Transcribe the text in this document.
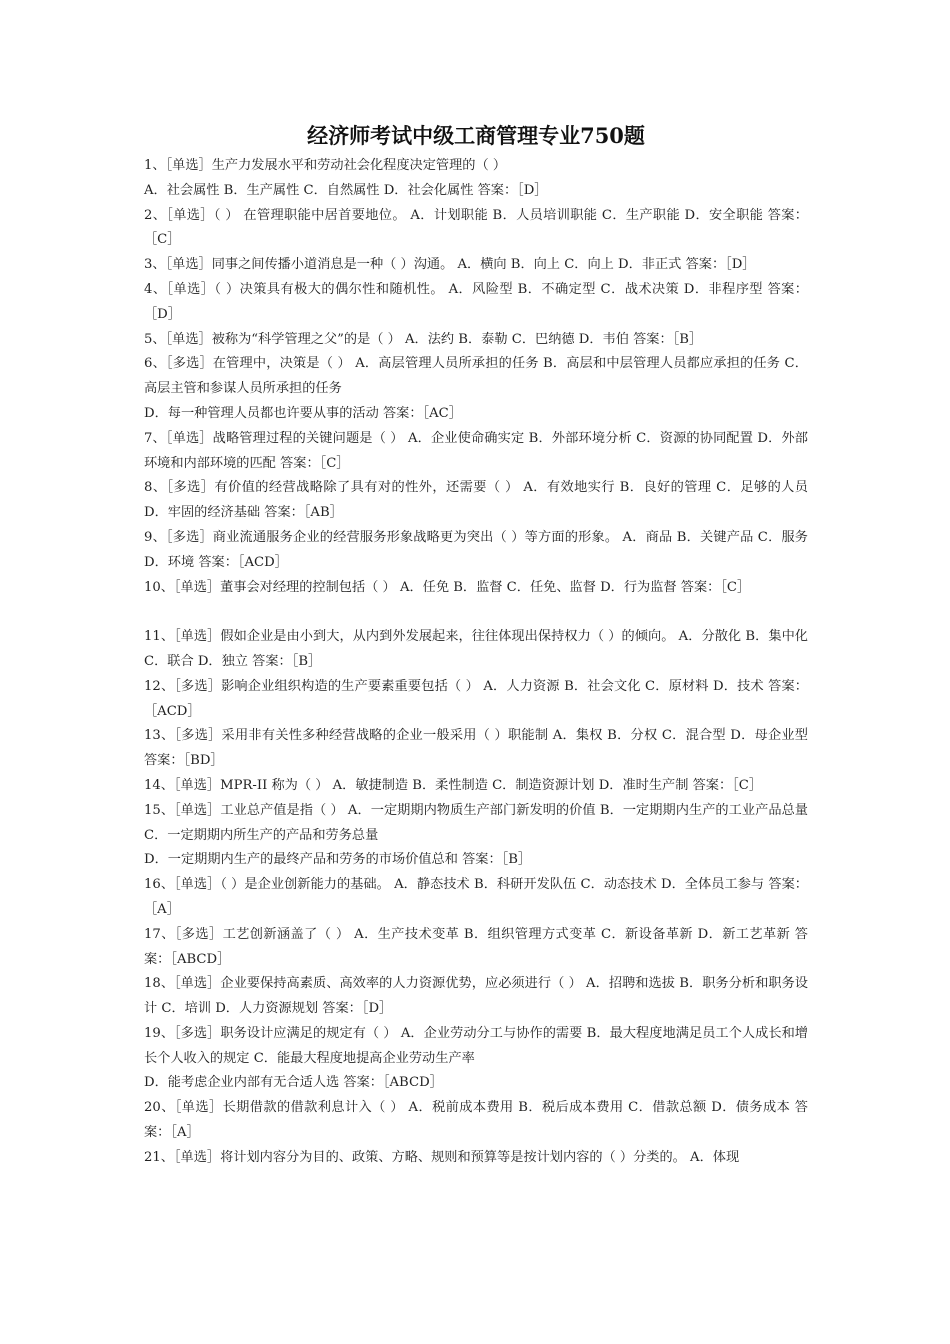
经济师考试中级工商管理专业750题

1、［单选］生产力发展水平和劳动社会化程度决定管理的（ ）

A．社会属性 B．生产属性 C．自然属性 D．社会化属性 答案：［D］

2、［单选］（ ） 在管理职能中居首要地位。 A．计划职能 B．人员培训职能 C．生产职能 D．安全职能 答案：［C］

3、［单选］同事之间传播小道消息是一种（ ）沟通。 A．横向 B．向上 C．向上 D．非正式 答案：［D］

4、［单选］（ ）决策具有极大的偶尔性和随机性。 A．风险型 B．不确定型 C．战术决策 D．非程序型 答案：［D］

5、［单选］被称为“科学管理之父”的是（ ） A．法约 B．泰勒 C．巴纳德 D．韦伯 答案：［B］

6、［多选］在管理中，决策是（ ） A．高层管理人员所承担的任务 B．高层和中层管理人员都应承担的任务 C．高层主管和参谋人员所承担的任务

D．每一种管理人员都也许要从事的活动 答案：［AC］

7、［单选］战略管理过程的关键问题是（ ） A．企业使命确实定 B．外部环境分析 C．资源的协同配置 D．外部环境和内部环境的匹配 答案：［C］

8、［多选］有价值的经营战略除了具有对的性外，还需要（ ） A．有效地实行 B．良好的管理 C．足够的人员 D．牢固的经济基础 答案：［AB］

9、［多选］商业流通服务企业的经营服务形象战略更为突出（ ）等方面的形象。 A．商品 B．关键产品 C．服务 D．环境 答案：［ACD］

10、［单选］董事会对经理的控制包括（ ） A．任免 B．监督 C．任免、监督 D．行为监督 答案：［C］

11、［单选］假如企业是由小到大，从内到外发展起来，往往体现出保持权力（ ）的倾向。 A．分散化 B．集中化 C．联合 D．独立 答案：［B］

12、［多选］影响企业组织构造的生产要素重要包括（ ） A．人力资源 B．社会文化 C．原材料 D．技术 答案：［ACD］

13、［多选］采用非有关性多种经营战略的企业一般采用（ ）职能制 A．集权 B．分权 C．混合型 D．母企业型 答案：［BD］

14、［单选］MPR-II 称为（ ） A．敏捷制造 B．柔性制造 C．制造资源计划 D．准时生产制 答案：［C］

15、［单选］工业总产值是指（ ） A．一定期期内物质生产部门新发明的价值 B．一定期期内生产的工业产品总量 C．一定期期内所生产的产品和劳务总量

D．一定期期内生产的最终产品和劳务的市场价值总和 答案：［B］

16、［单选］（ ）是企业创新能力的基础。 A．静态技术 B．科研开发队伍 C．动态技术 D．全体员工参与 答案：［A］

17、［多选］工艺创新涵盖了（ ） A．生产技术变革 B．组织管理方式变革 C．新设备革新 D．新工艺革新 答案：［ABCD］

18、［单选］企业要保持高素质、高效率的人力资源优势，应必须进行（ ） A．招聘和选拔 B．职务分析和职务设计 C．培训 D．人力资源规划 答案：［D］

19、［多选］职务设计应满足的规定有（ ） A．企业劳动分工与协作的需要 B．最大程度地满足员工个人成长和增长个人收入的规定 C．能最大程度地提高企业劳动生产率

D．能考虑企业内部有无合适人选 答案：［ABCD］

20、［单选］长期借款的借款利息计入（ ） A．税前成本费用 B．税后成本费用 C．借款总额 D．债务成本 答案：［A］

21、［单选］将计划内容分为目的、政策、方略、规则和预算等是按计划内容的（ ）分类的。 A．体现
